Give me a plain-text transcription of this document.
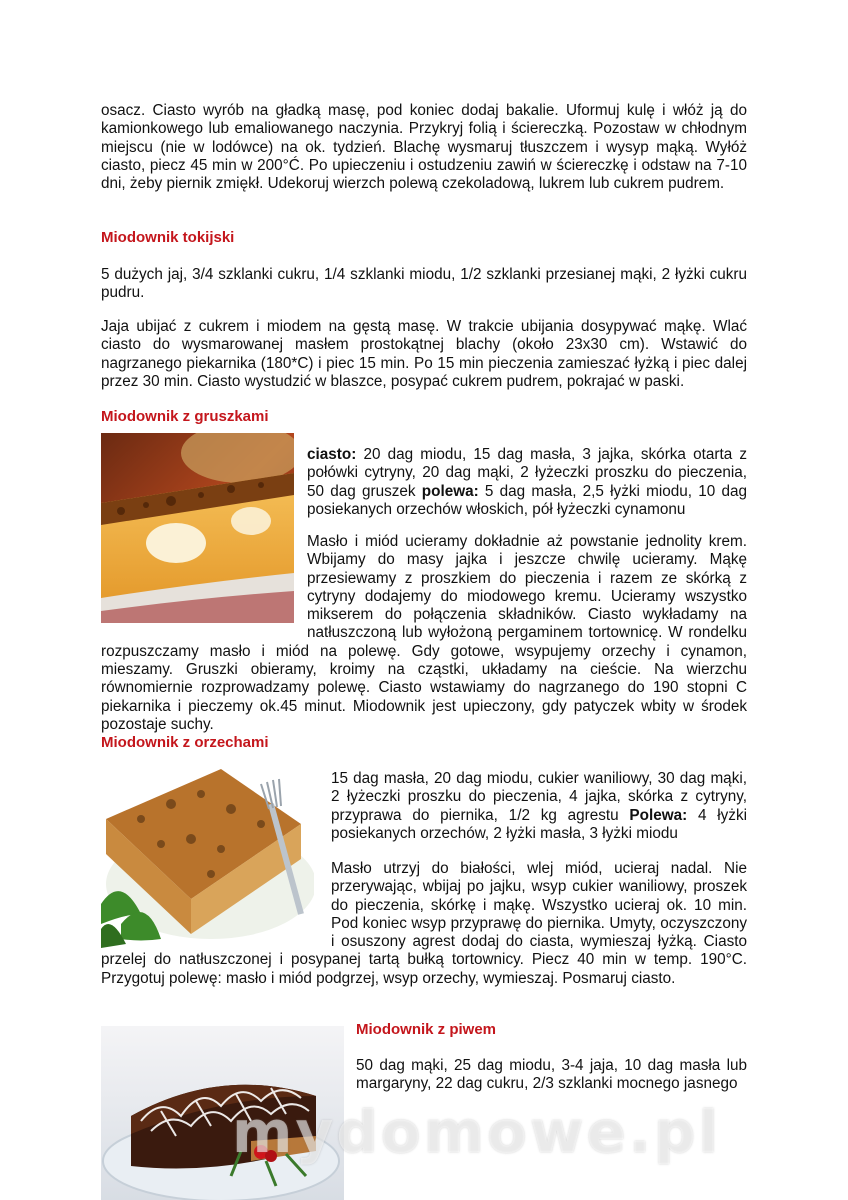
osacz. Ciasto wyrób na gładką masę, pod koniec dodaj bakalie. Uformuj kulę i włóż ją do kamionkowego lub emaliowanego naczynia. Przykryj folią i ściereczką. Pozostaw w chłodnym miejscu (nie w lodówce) na ok. tydzień. Blachę wysmaruj tłuszczem i wysyp mąką. Wyłóż ciasto, piecz 45 min w 200°Ć. Po upieczeniu i ostudzeniu zawiń w ściereczkę i odstaw na 7-10 dni, żeby piernik zmiękł. Udekoruj wierzch polewą czekoladową, lukrem lub cukrem pudrem.

Miodownik tokijski

5 dużych jaj, 3/4 szklanki cukru, 1/4 szklanki miodu, 1/2 szklanki przesianej mąki, 2 łyżki cukru pudru.

Jaja ubijać z cukrem i miodem na gęstą masę. W trakcie ubijania dosypywać mąkę. Wlać ciasto do wysmarowanej masłem prostokątnej blachy (około 23x30 cm). Wstawić do nagrzanego piekarnika (180*C) i piec 15 min. Po 15 min pieczenia zamieszać łyżką i piec dalej przez 30 min. Ciasto wystudzić w blaszce, posypać cukrem pudrem, pokrajać w paski.

Miodownik z gruszkami

ciasto: 20 dag miodu, 15 dag masła, 3 jajka, skórka otarta z połówki cytryny, 20 dag mąki, 2 łyżeczki proszku do pieczenia, 50 dag gruszek polewa: 5 dag masła, 2,5 łyżki miodu, 10 dag posiekanych orzechów włoskich, pół łyżeczki cynamonu

Masło i miód ucieramy dokładnie aż powstanie jednolity krem. Wbijamy do masy jajka i jeszcze chwilę ucieramy. Mąkę przesiewamy z proszkiem do pieczenia i razem ze skórką z cytryny dodajemy do miodowego kremu. Ucieramy wszystko mikserem do połączenia składników. Ciasto wykładamy na natłuszczoną lub wyłożoną pergaminem tortownicę. W rondelku rozpuszczamy masło i miód na polewę. Gdy gotowe, wsypujemy orzechy i cynamon, mieszamy. Gruszki obieramy, kroimy na cząstki, układamy na cieście. Na wierzchu równomiernie rozprowadzamy polewę. Ciasto wstawiamy do nagrzanego do 190 stopni C piekarnika i pieczemy ok.45 minut. Miodownik jest upieczony, gdy patyczek wbity w środek pozostaje suchy.

Miodownik z orzechami

15 dag masła, 20 dag miodu, cukier waniliowy, 30 dag mąki, 2 łyżeczki proszku do pieczenia, 4 jajka, skórka z cytryny, przyprawa do piernika, 1/2 kg agrestu Polewa: 4 łyżki posiekanych orzechów, 2 łyżki masła, 3 łyżki miodu

Masło utrzyj do białości, wlej miód, ucieraj nadal. Nie przerywając, wbijaj po jajku, wsyp cukier waniliowy, proszek do pieczenia, skórkę i mąkę. Wszystko ucieraj ok. 10 min. Pod koniec wsyp przyprawę do piernika. Umyty, oczyszczony i osuszony agrest dodaj do ciasta, wymieszaj łyżką. Ciasto przelej do natłuszczonej i posypanej tartą bułką tortownicy. Piecz 40 min w temp. 190°C. Przygotuj polewę: masło i miód podgrzej, wsyp orzechy, wymieszaj. Posmaruj ciasto.

Miodownik z piwem

50 dag mąki, 25 dag miodu, 3-4 jaja, 10 dag masła lub margaryny, 22 dag cukru, 2/3 szklanki mocnego jasnego

mydomowe.pl
